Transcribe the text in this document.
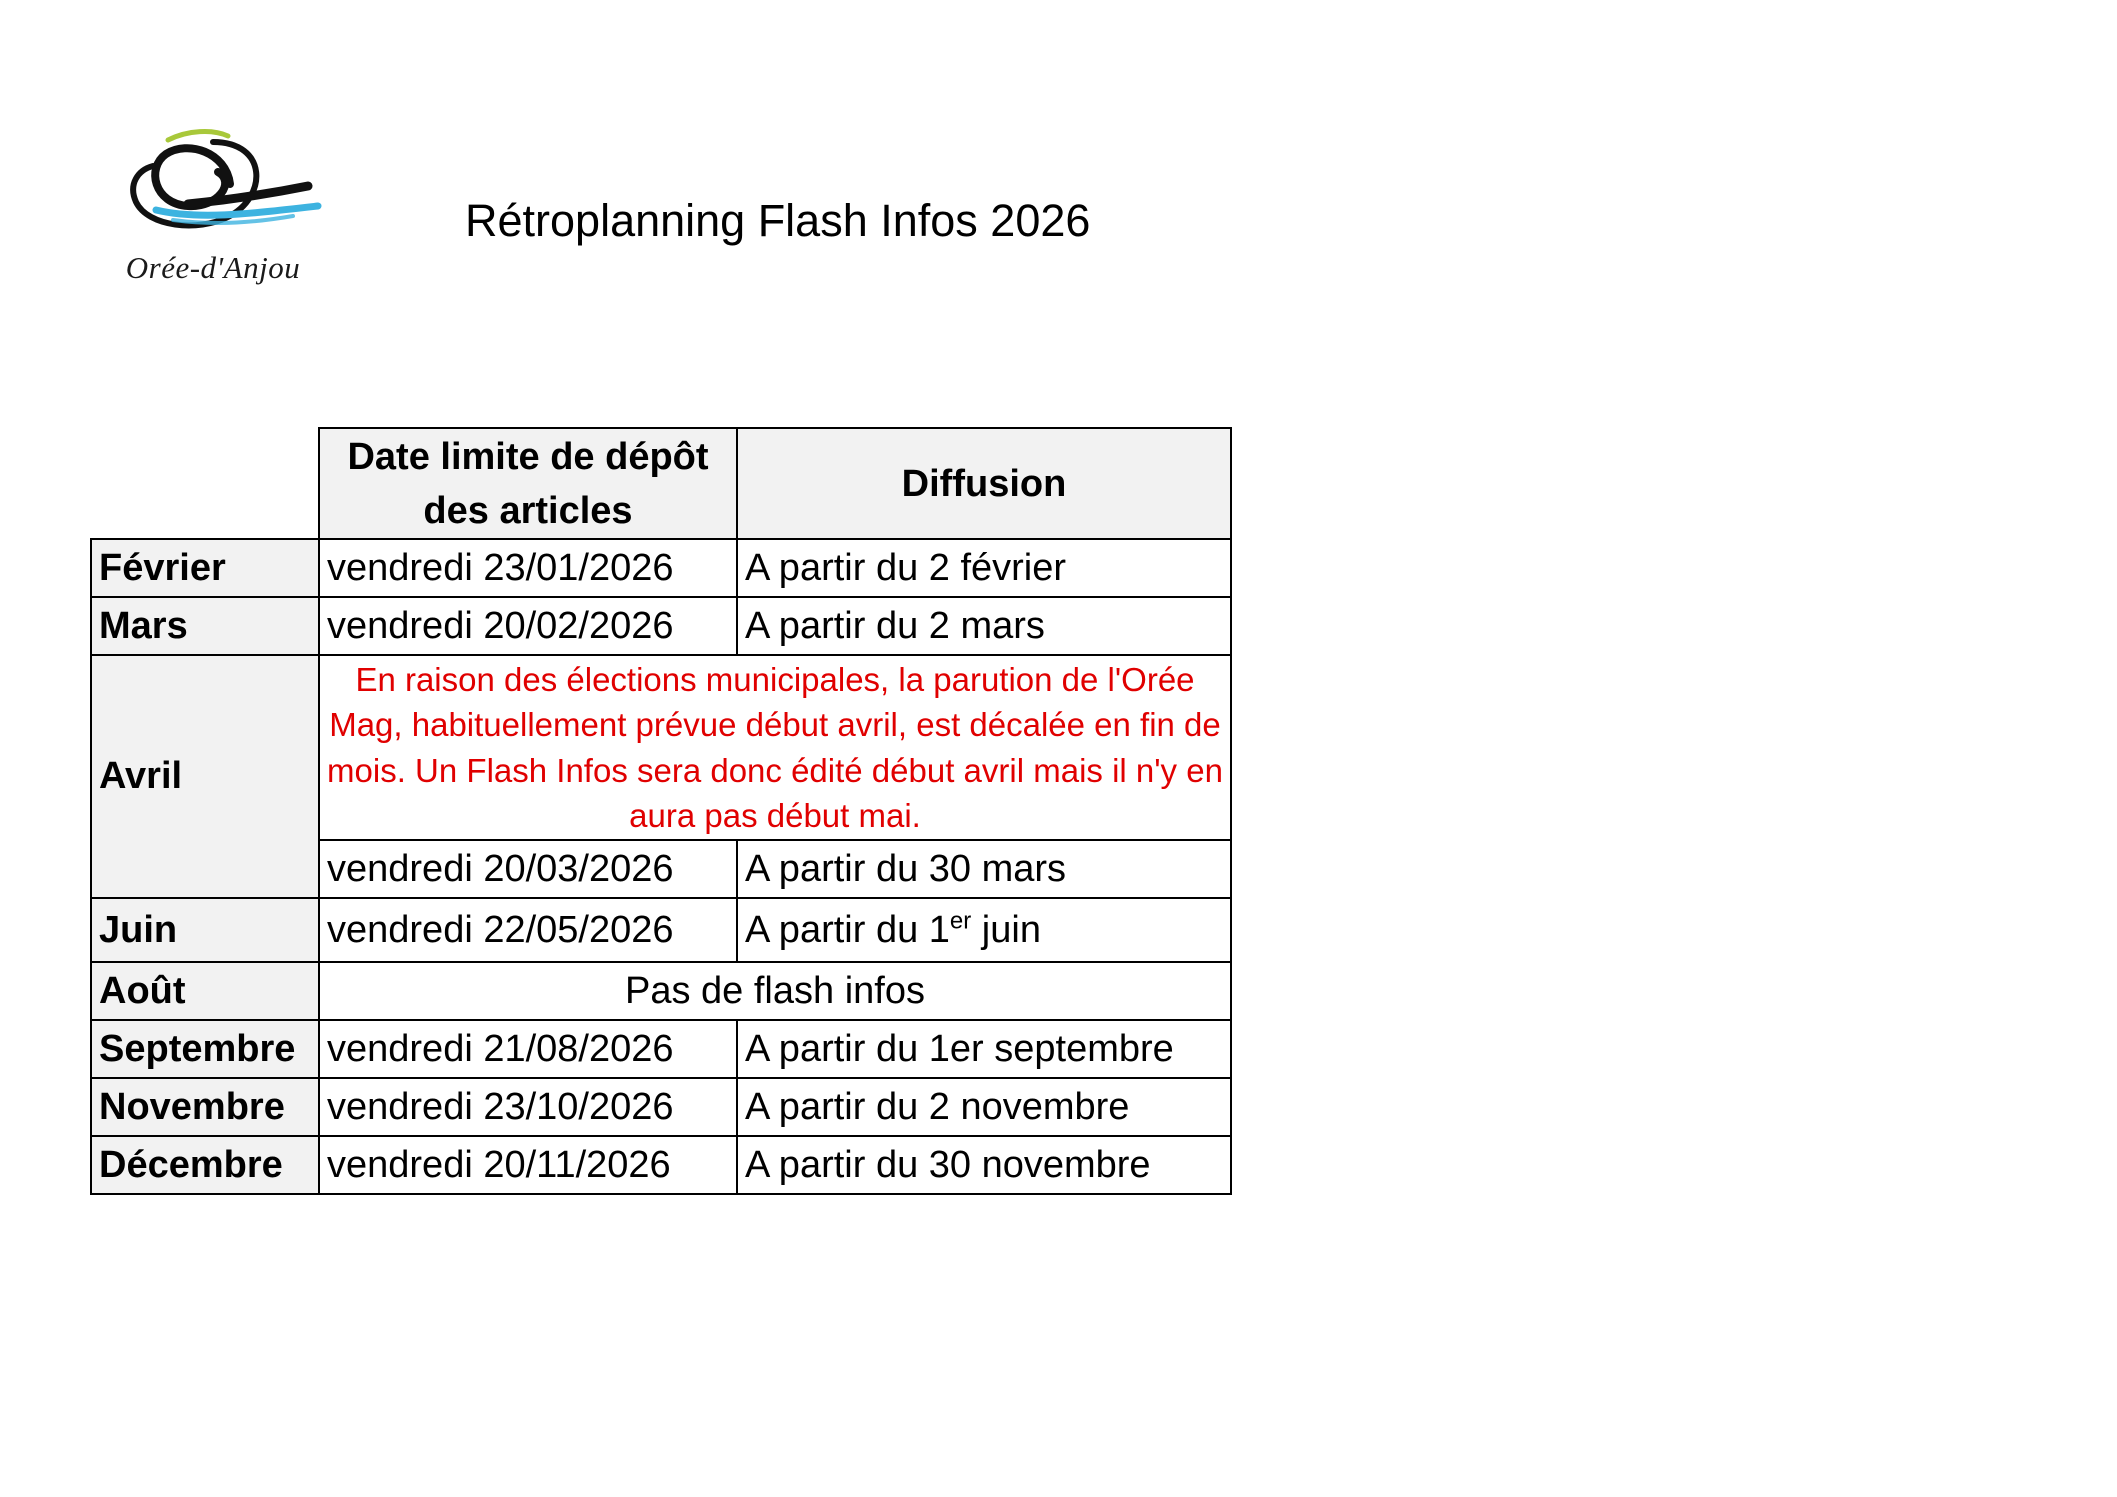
Orée-d'Anjou
Rétroplanning Flash Infos 2026
	Date limite de dépôt des articles	Diffusion
Février	vendredi 23/01/2026	A partir du 2 février
Mars	vendredi 20/02/2026	A partir du 2 mars
Avril	En raison des élections municipales, la parution de l'Orée Mag, habituellement prévue début avril, est décalée en fin de mois. Un Flash Infos sera donc édité début avril mais il n'y en aura pas début mai.	
	vendredi 20/03/2026	A partir du 30 mars
Juin	vendredi 22/05/2026	A partir du 1er juin
Août	Pas de flash infos	
Septembre	vendredi 21/08/2026	A partir du 1er septembre
Novembre	vendredi 23/10/2026	A partir du 2 novembre
Décembre	vendredi 20/11/2026	A partir du 30 novembre
